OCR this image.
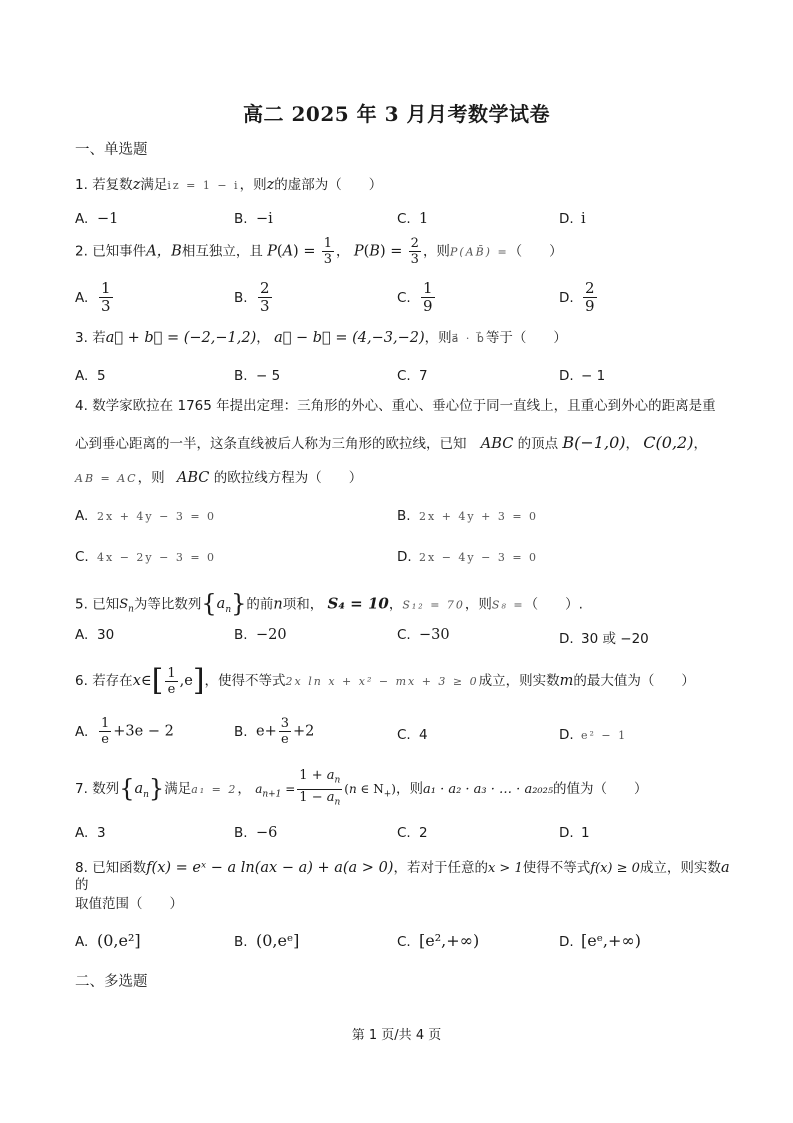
高二 2025 年 3 月月考数学试卷
一、单选题
1. 若复数z满足iz = 1 − i，则z的虚部为（　　）
A. −1	B. −i	C. 1	D. i
2. 已知事件A，B相互独立，且 $P(A) = \frac{1}{3}$ ， $P(B) = \frac{2}{3}$ ，则P(AB̄) =（　　）
A. $\frac{1}{3}$	B. $\frac{2}{3}$	C. $\frac{1}{9}$	D. $\frac{2}{9}$
3. 若a⃗ + b⃗ = (−2,−1,2)， a⃗ − b⃗ = (4,−3,−2)，则a⃗ · b⃗等于（　　）
A. 5	B. − 5	C. 7	D. − 1
4. 数学家欧拉在 1765 年提出定理：三角形的外心、重心、垂心位于同一直线上，且重心到外心的距离是重
心到垂心距离的一半，这条直线被后人称为三角形的欧拉线，已知 ABC 的顶点 B(−1,0)， C(0,2)，
AB = AC，则 ABC 的欧拉线方程为（　　）
A. 2x + 4y − 3 = 0	B. 2x + 4y + 3 = 0
C. 4x − 2y − 3 = 0	D. 2x − 4y − 3 = 0
5. 已知$S_n$为等比数列$\{a_n\}$的前n项和， S₄ = 10，S₁₂ = 70，则S₈ =（　　）.
A. 30	B. −20	C. −30	D. 30 或 −20
6. 若存在x∈[ $\frac{1}{e} ,e$]，使得不等式2x ln x + x² − mx + 3 ≥ 0成立，则实数m的最大值为（　　）
A. $\frac{1}{e} +3e - 2$	B. $e+ \frac{3}{e} +2$	C. 4	D. e² − 1
7. 数列$\{a_n\}$满足a₁ = 2， $a_{n+1} = \frac{1 + a_n}{1 - a_n} (n$ ∈ $N_+$)，则a₁ · a₂ · a₃ · … · a₂₀₂₅的值为（　　）
A. 3	B. −6	C. 2	D. 1
8. 已知函数f(x) = eˣ − a ln(ax − a) + a(a > 0)，若对于任意的x > 1使得不等式f(x) ≥ 0成立，则实数a的
取值范围（　　）
A. (0,e²]	B. (0,eᵉ]	C. [e²,+∞)	D. [eᵉ,+∞)
二、多选题
第 1 页/共 4 页
